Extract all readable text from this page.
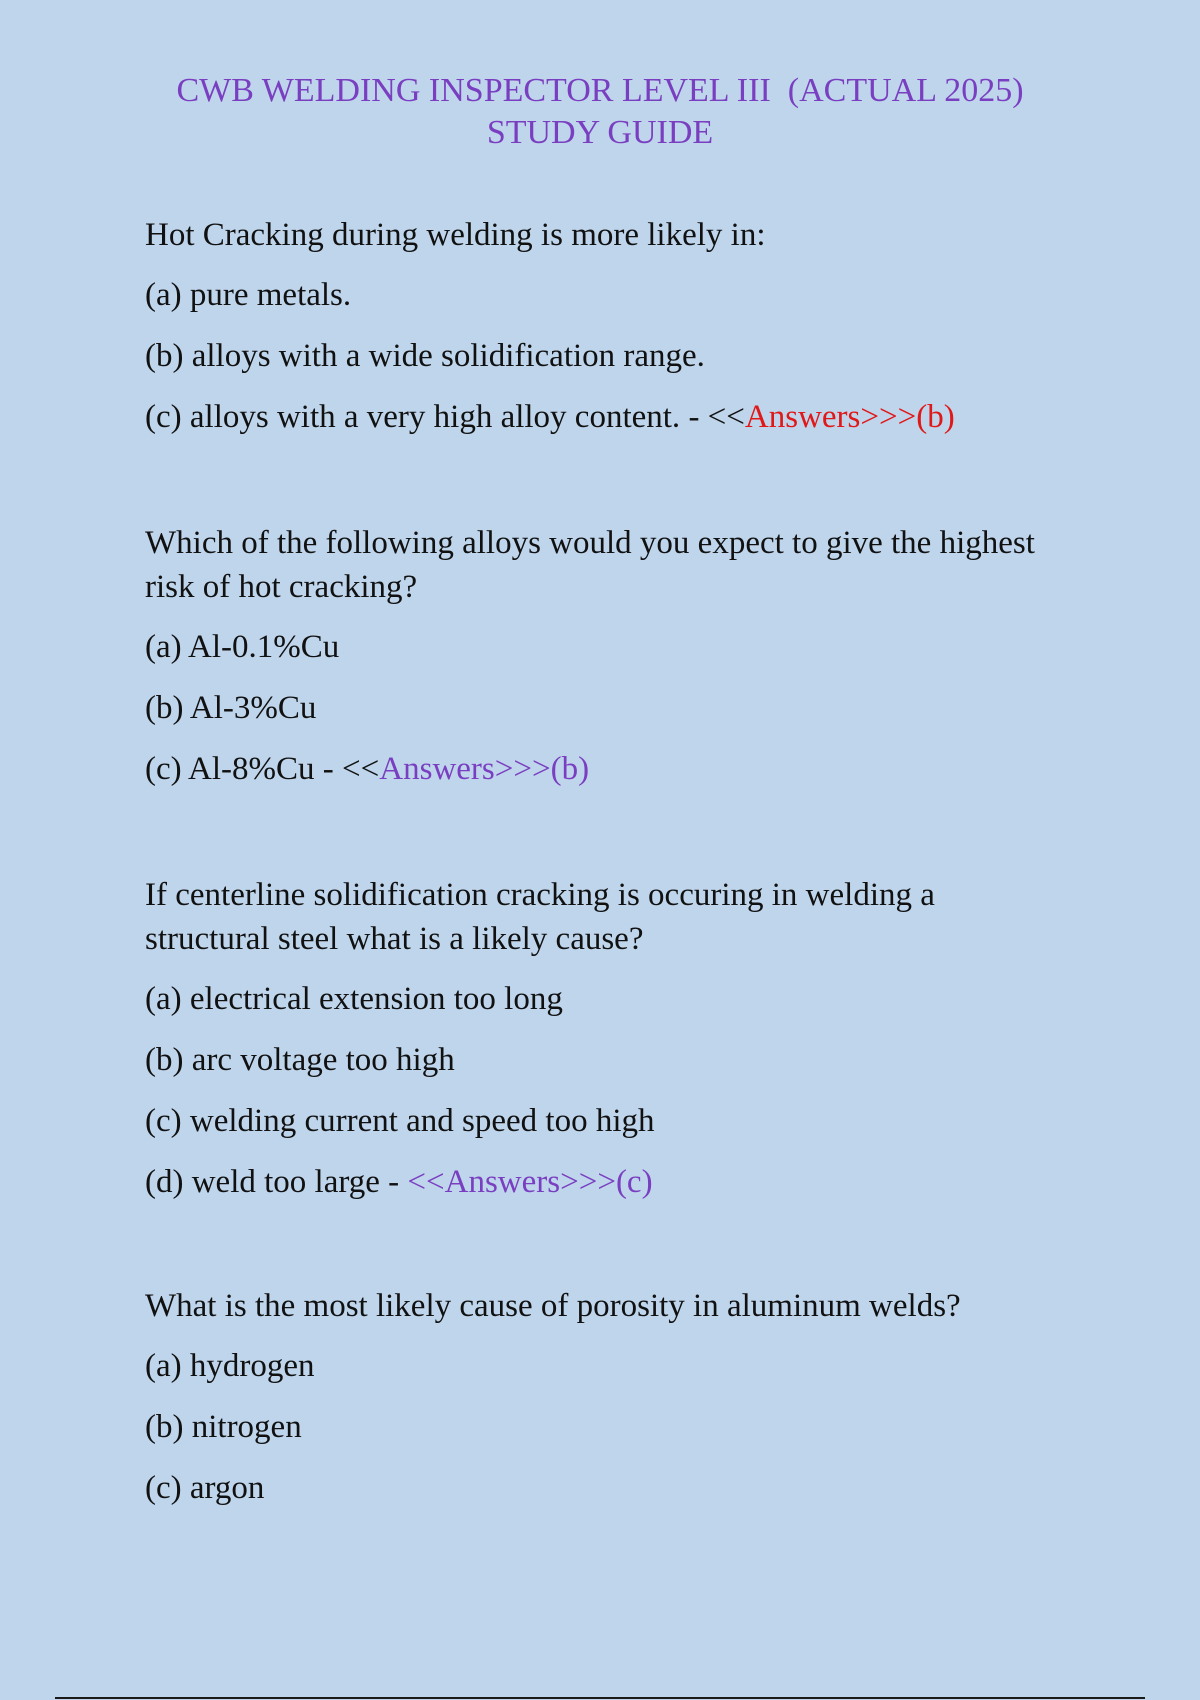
CWB WELDING INSPECTOR LEVEL III  (ACTUAL 2025)
STUDY GUIDE
Hot Cracking during welding is more likely in:
(a) pure metals.
(b) alloys with a wide solidification range.
(c) alloys with a very high alloy content. - <<Answers>>>(b)
Which of the following alloys would you expect to give the highest risk of hot cracking?
(a) Al-0.1%Cu
(b) Al-3%Cu
(c) Al-8%Cu - <<Answers>>>(b)
If centerline solidification cracking is occuring in welding a structural steel what is a likely cause?
(a) electrical extension too long
(b) arc voltage too high
(c) welding current and speed too high
(d) weld too large - <<Answers>>>(c)
What is the most likely cause of porosity in aluminum welds?
(a) hydrogen
(b) nitrogen
(c) argon
